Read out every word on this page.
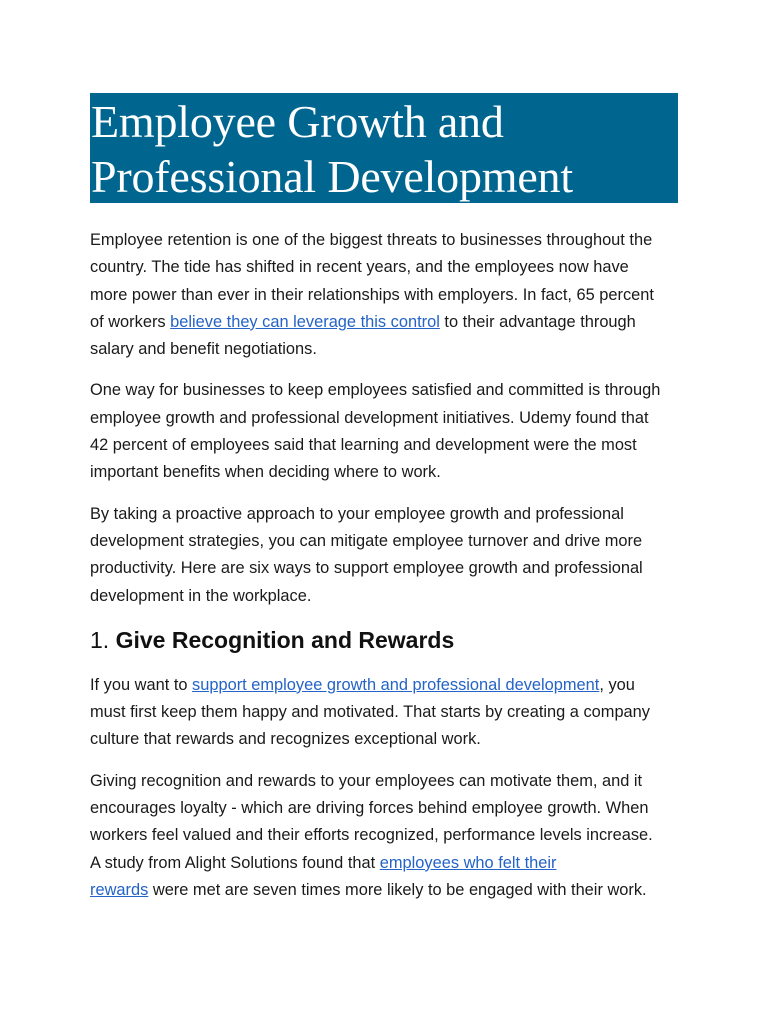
Employee Growth and
Professional Development

Employee retention is one of the biggest threats to businesses throughout the
country. The tide has shifted in recent years, and the employees now have
more power than ever in their relationships with employers. In fact, 65 percent
of workers believe they can leverage this control to their advantage through
salary and benefit negotiations.

One way for businesses to keep employees satisfied and committed is through
employee growth and professional development initiatives. Udemy found that
42 percent of employees said that learning and development were the most
important benefits when deciding where to work.

By taking a proactive approach to your employee growth and professional
development strategies, you can mitigate employee turnover and drive more
productivity. Here are six ways to support employee growth and professional
development in the workplace.

1. Give Recognition and Rewards

If you want to support employee growth and professional development, you
must first keep them happy and motivated. That starts by creating a company
culture that rewards and recognizes exceptional work.

Giving recognition and rewards to your employees can motivate them, and it
encourages loyalty - which are driving forces behind employee growth. When
workers feel valued and their efforts recognized, performance levels increase.
A study from Alight Solutions found that employees who felt their
rewards were met are seven times more likely to be engaged with their work.
